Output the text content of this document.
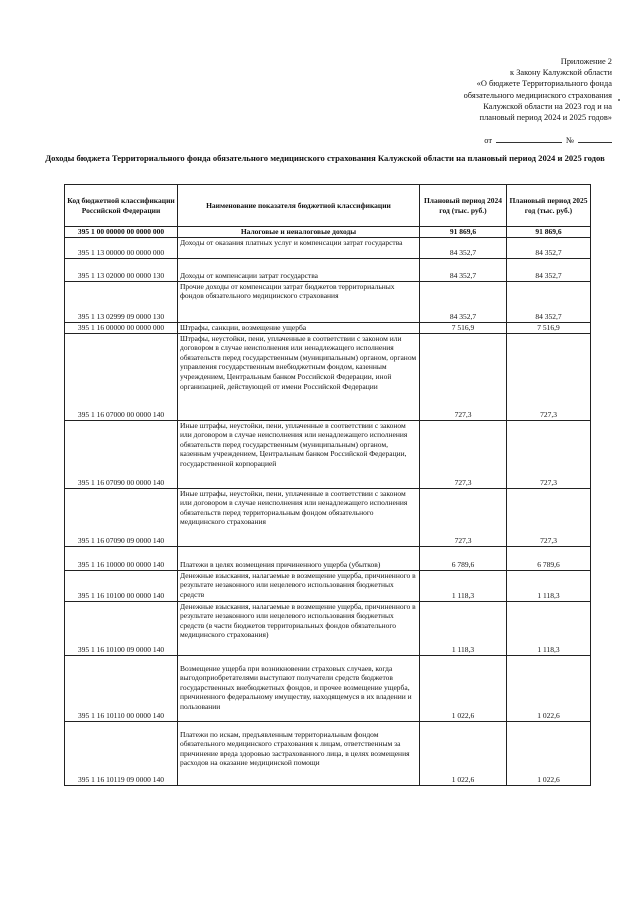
Приложение 2
к Закону Калужской области
«О бюджете Территориального фонда
обязательного медицинского страхования
Калужской области на 2023 год и на
плановый период 2024 и 2025 годов»
от	№
Доходы бюджета Территориального фонда обязательного медицинского страхования Калужской области на плановый период 2024 и 2025 годов
Код бюджетной классификации Российской Федерации	Наименование показателя бюджетной классификации	Плановый период 2024 год (тыс. руб.)	Плановый период 2025 год (тыс. руб.)
395 1 00 00000 00 0000 000	Налоговые и неналоговые доходы	91 869,6	91 869,6
395 1 13 00000 00 0000 000	Доходы от оказания платных услуг и компенсации затрат государства	84 352,7	84 352,7
395 1 13 02000 00 0000 130	Доходы от компенсации затрат государства	84 352,7	84 352,7
395 1 13 02999 09 0000 130	Прочие доходы от компенсации затрат бюджетов территориальных фондов обязательного медицинского страхования	84 352,7	84 352,7
395 1 16 00000 00 0000 000	Штрафы, санкции, возмещение ущерба	7 516,9	7 516,9
395 1 16 07000 00 0000 140	Штрафы, неустойки, пени, уплаченные в соответствии с законом или договором в случае неисполнения или ненадлежащего исполнения обязательств перед государственным (муниципальным) органом, органом управления государственным внебюджетным фондом, казенным учреждением, Центральным банком Российской Федерации, иной организацией, действующей от имени Российской Федерации	727,3	727,3
395 1 16 07090 00 0000 140	Иные штрафы, неустойки, пени, уплаченные в соответствии с законом или договором в случае неисполнения или ненадлежащего исполнения обязательств перед государственным (муниципальным) органом, казенным учреждением, Центральным банком Российской Федерации, государственной корпорацией	727,3	727,3
395 1 16 07090 09 0000 140	Иные штрафы, неустойки, пени, уплаченные в соответствии с законом или договором в случае неисполнения или ненадлежащего исполнения обязательств перед территориальным фондом обязательного медицинского страхования	727,3	727,3
395 1 16 10000 00 0000 140	Платежи в целях возмещения причиненного ущерба (убытков)	6 789,6	6 789,6
395 1 16 10100 00 0000 140	Денежные взыскания, налагаемые в возмещение ущерба, причиненного в результате незаконного или нецелевого использования бюджетных средств	1 118,3	1 118,3
395 1 16 10100 09 0000 140	Денежные взыскания, налагаемые в возмещение ущерба, причиненного в результате незаконного или нецелевого использования бюджетных средств (в части бюджетов территориальных фондов обязательного медицинского страхования)	1 118,3	1 118,3
395 1 16 10110 00 0000 140	Возмещение ущерба при возникновении страховых случаев, когда выгодоприобретателями выступают получатели средств бюджетов государственных внебюджетных фондов, и прочее возмещение ущерба, причиненного федеральному имуществу, находящемуся в их владении и пользовании	1 022,6	1 022,6
395 1 16 10119 09 0000 140	Платежи по искам, предъявленным территориальным фондом обязательного медицинского страхования к лицам, ответственным за причинение вреда здоровью застрахованного лица, в целях возмещения расходов на оказание медицинской помощи	1 022,6	1 022,6
